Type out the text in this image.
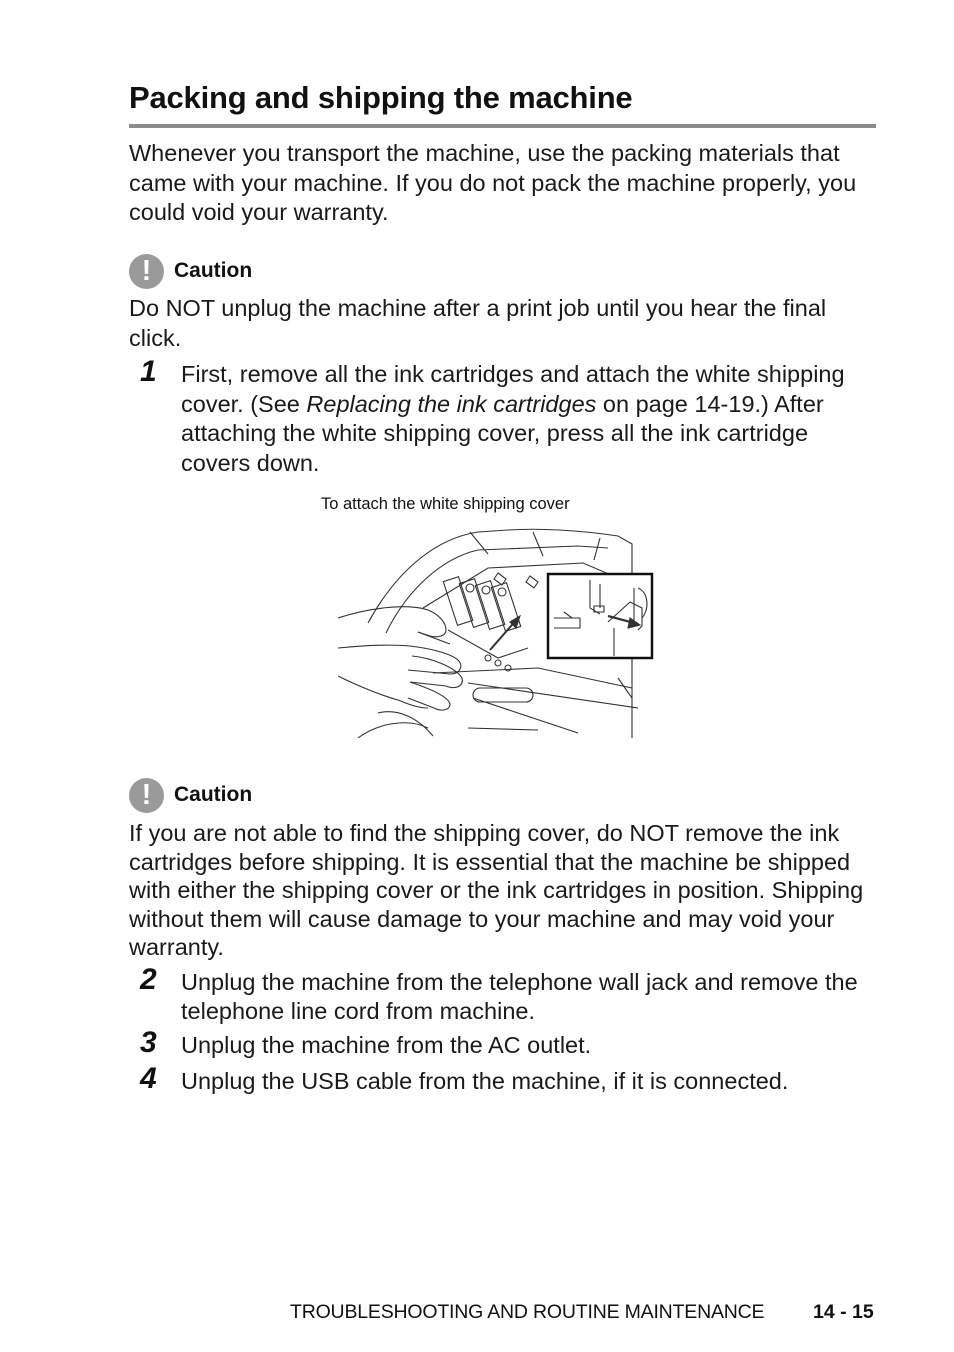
Packing and shipping the machine

Whenever you transport the machine, use the packing materials that came with your machine. If you do not pack the machine properly, you could void your warranty.

!	Caution

Do NOT unplug the machine after a print job until you hear the final click.

1 First, remove all the ink cartridges and attach the white shipping cover. (See Replacing the ink cartridges on page 14-19.) After attaching the white shipping cover, press all the ink cartridge covers down.

To attach the white shipping cover
!	Caution

If you are not able to find the shipping cover, do NOT remove the ink cartridges before shipping. It is essential that the machine be shipped with either the shipping cover or the ink cartridges in position. Shipping without them will cause damage to your machine and may void your warranty.

2 Unplug the machine from the telephone wall jack and remove the telephone line cord from machine.

3 Unplug the machine from the AC outlet.

4 Unplug the USB cable from the machine, if it is connected.

TROUBLESHOOTING AND ROUTINE MAINTENANCE 14 - 15
